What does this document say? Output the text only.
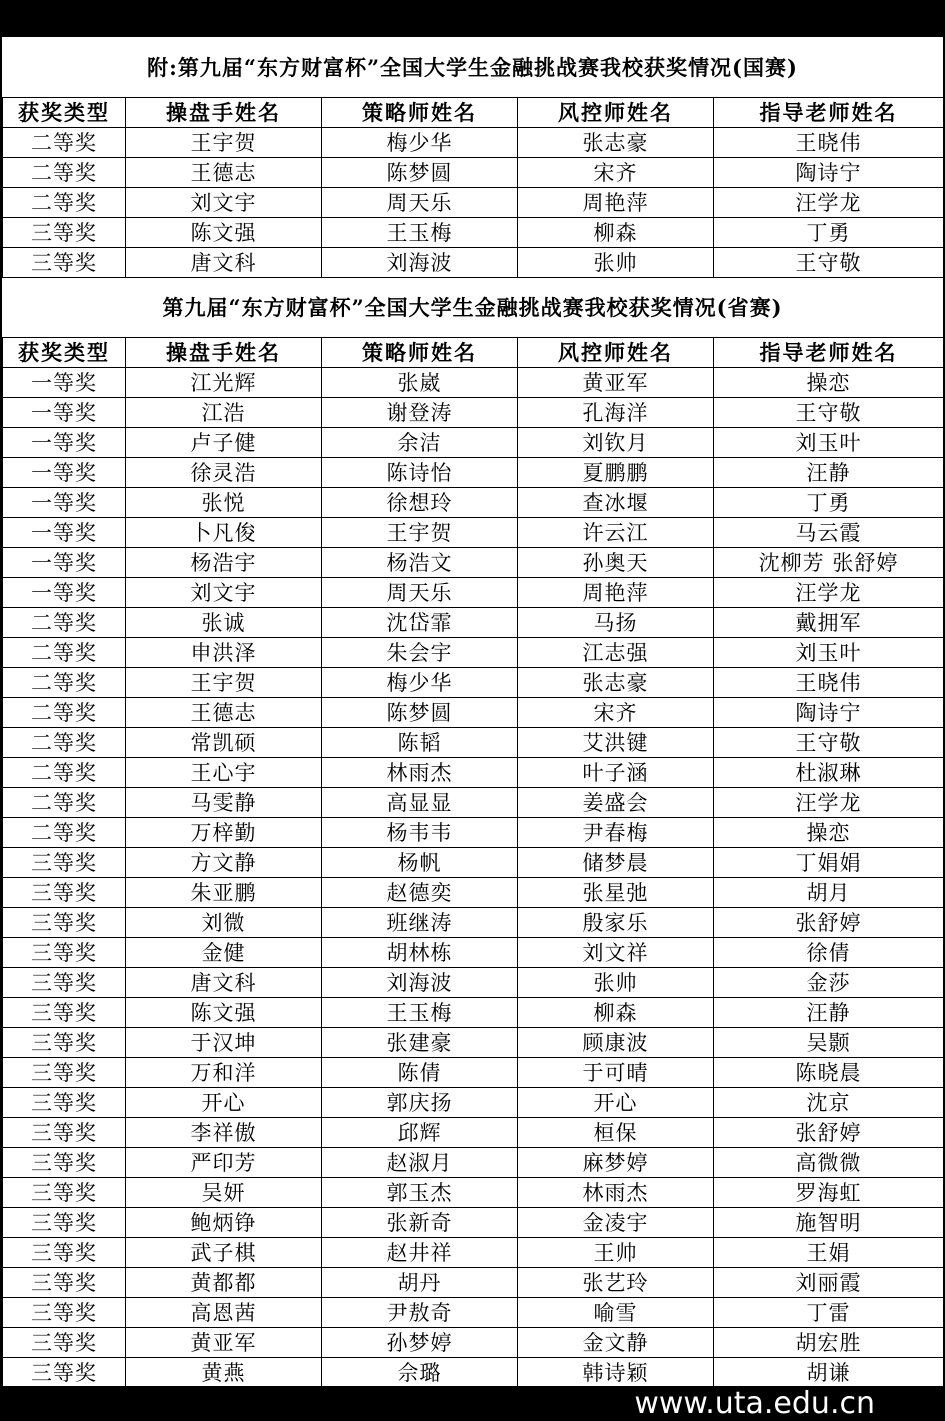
附:第九届“东方财富杯”全国大学生金融挑战赛我校获奖情况(国赛)
获奖类型	操盘手姓名	策略师姓名	风控师姓名	指导老师姓名
二等奖	王宇贺	梅少华	张志豪	王晓伟
二等奖	王德志	陈梦圆	宋齐	陶诗宁
二等奖	刘文宇	周天乐	周艳萍	汪学龙
三等奖	陈文强	王玉梅	柳森	丁勇
三等奖	唐文科	刘海波	张帅	王守敬
第九届“东方财富杯”全国大学生金融挑战赛我校获奖情况(省赛)
获奖类型	操盘手姓名	策略师姓名	风控师姓名	指导老师姓名
一等奖	江光辉	张崴	黄亚军	操恋
一等奖	江浩	谢登涛	孔海洋	王守敬
一等奖	卢子健	余洁	刘钦月	刘玉叶
一等奖	徐灵浩	陈诗怡	夏鹏鹏	汪静
一等奖	张悦	徐想玲	查冰堰	丁勇
一等奖	卜凡俊	王宇贺	许云江	马云霞
一等奖	杨浩宇	杨浩文	孙奥天	沈柳芳 张舒婷
一等奖	刘文宇	周天乐	周艳萍	汪学龙
二等奖	张诚	沈岱霏	马扬	戴拥军
二等奖	申洪泽	朱会宇	江志强	刘玉叶
二等奖	王宇贺	梅少华	张志豪	王晓伟
二等奖	王德志	陈梦圆	宋齐	陶诗宁
二等奖	常凯硕	陈韬	艾洪键	王守敬
二等奖	王心宇	林雨杰	叶子涵	杜淑琳
二等奖	马雯静	高显显	姜盛会	汪学龙
二等奖	万梓勤	杨韦韦	尹春梅	操恋
三等奖	方文静	杨帆	储梦晨	丁娟娟
三等奖	朱亚鹏	赵德奕	张星弛	胡月
三等奖	刘微	班继涛	殷家乐	张舒婷
三等奖	金健	胡林栋	刘文祥	徐倩
三等奖	唐文科	刘海波	张帅	金莎
三等奖	陈文强	王玉梅	柳森	汪静
三等奖	于汉坤	张建豪	顾康波	吴颢
三等奖	万和洋	陈倩	于可晴	陈晓晨
三等奖	开心	郭庆扬	开心	沈京
三等奖	李祥傲	邱辉	桓保	张舒婷
三等奖	严印芳	赵淑月	麻梦婷	高微微
三等奖	吴妍	郭玉杰	林雨杰	罗海虹
三等奖	鲍炳铮	张新奇	金凌宇	施智明
三等奖	武子棋	赵井祥	王帅	王娟
三等奖	黄都都	胡丹	张艺玲	刘丽霞
三等奖	高恩茜	尹敖奇	喻雪	丁雷
三等奖	黄亚军	孙梦婷	金文静	胡宏胜
三等奖	黄燕	佘璐	韩诗颖	胡谦
www.uta.edu.cn
